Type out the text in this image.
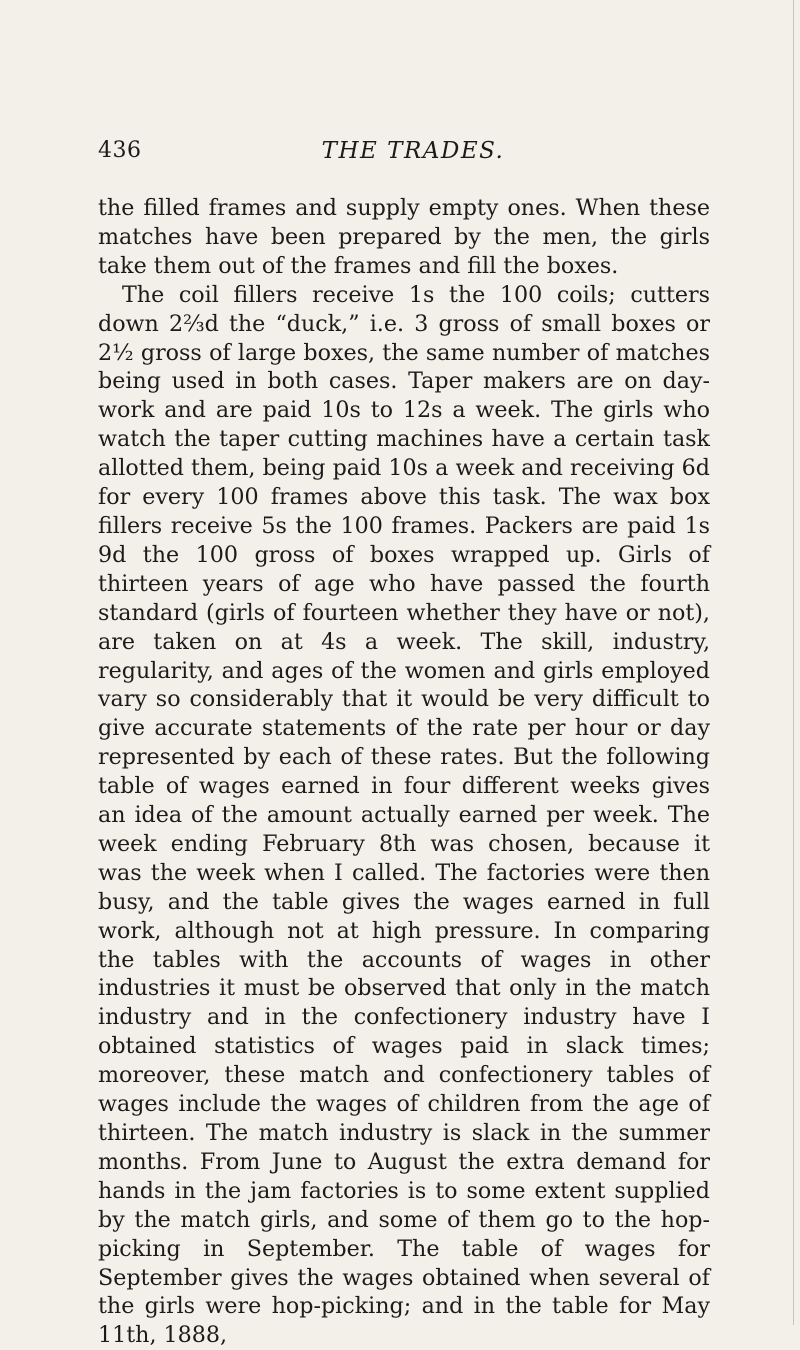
436	THE TRADES.

the filled frames and supply empty ones. When these matches have been prepared by the men, the girls take them out of the frames and fill the boxes.

The coil fillers receive 1s the 100 coils; cutters down 2⅔d the “duck,” i.e. 3 gross of small boxes or 2½ gross of large boxes, the same number of matches being used in both cases. Taper makers are on day-work and are paid 10s to 12s a week. The girls who watch the taper cutting machines have a certain task allotted them, being paid 10s a week and receiving 6d for every 100 frames above this task. The wax box fillers receive 5s the 100 frames. Packers are paid 1s 9d the 100 gross of boxes wrapped up. Girls of thirteen years of age who have passed the fourth standard (girls of fourteen whether they have or not), are taken on at 4s a week. The skill, industry, regularity, and ages of the women and girls employed vary so considerably that it would be very difficult to give accurate statements of the rate per hour or day represented by each of these rates. But the following table of wages earned in four different weeks gives an idea of the amount actually earned per week. The week ending February 8th was chosen, because it was the week when I called. The factories were then busy, and the table gives the wages earned in full work, although not at high pressure. In comparing the tables with the accounts of wages in other industries it must be observed that only in the match industry and in the confectionery industry have I obtained statistics of wages paid in slack times; moreover, these match and confectionery tables of wages include the wages of children from the age of thirteen. The match industry is slack in the summer months. From June to August the extra demand for hands in the jam factories is to some extent supplied by the match girls, and some of them go to the hop-picking in September. The table of wages for September gives the wages obtained when several of the girls were hop-picking; and in the table for May 11th, 1888,
